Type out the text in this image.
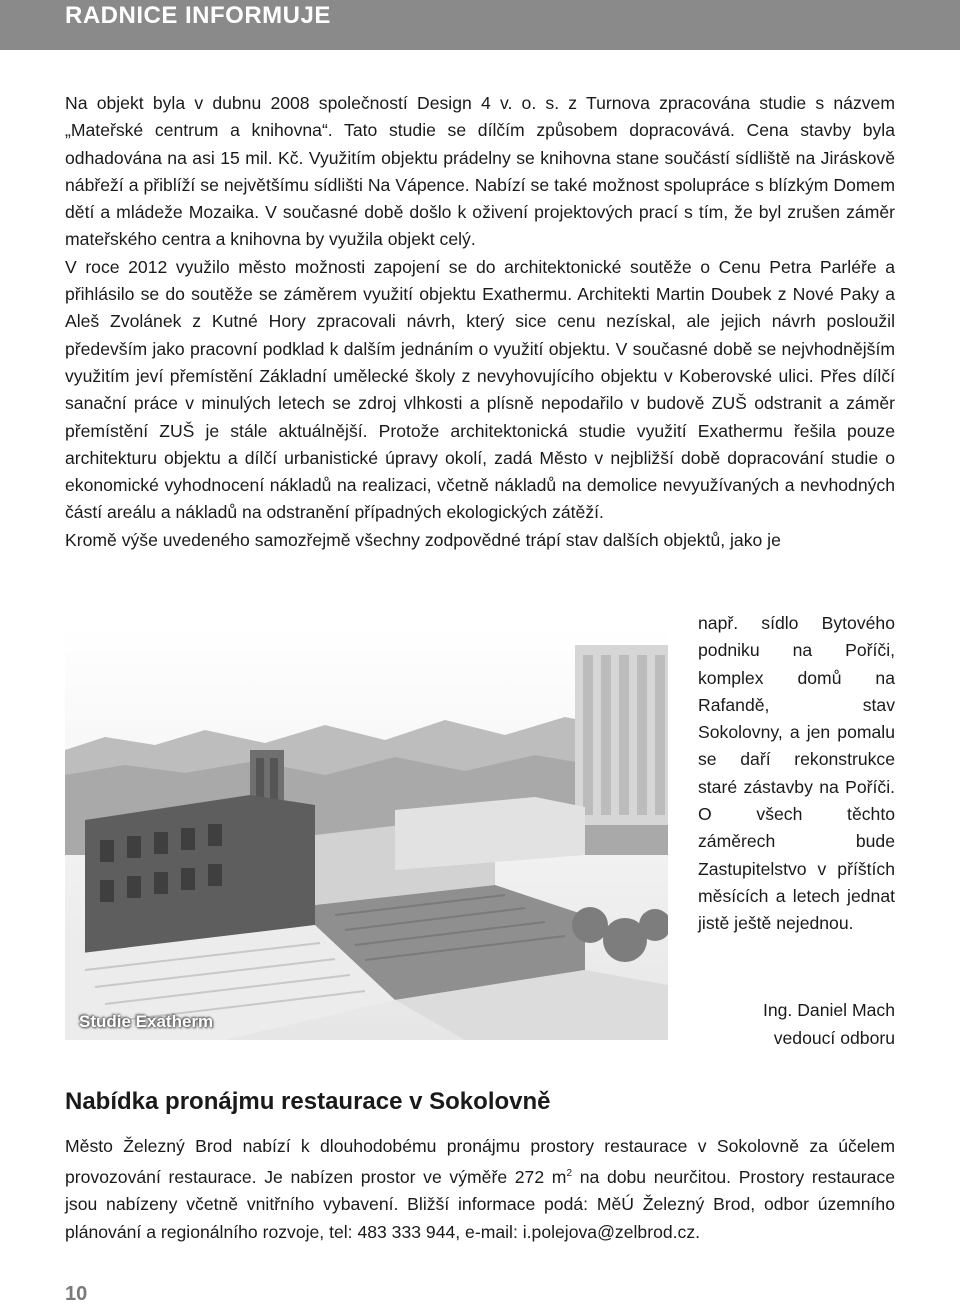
RADNICE INFORMUJE

Na objekt byla v dubnu 2008 společností Design 4 v. o. s. z Turnova zpracována studie s názvem „Mateřské centrum a knihovna“. Tato studie se dílčím způsobem dopracovává. Cena stavby byla odhadována na asi 15 mil. Kč. Využitím objektu prádelny se knihovna stane součástí sídliště na Jiráskově nábřeží a přiblíží se největšímu sídlišti Na Vápence. Nabízí se také možnost spolupráce s blízkým Domem dětí a mládeže Mozaika. V současné době došlo k oživení projektových prací s tím, že byl zrušen záměr mateřského centra a knihovna by využila objekt celý.

V roce 2012 využilo město možnosti zapojení se do architektonické soutěže o Cenu Petra Parléře a přihlásilo se do soutěže se záměrem využití objektu Exathermu. Architekti Martin Doubek z Nové Paky a Aleš Zvolánek z Kutné Hory zpracovali návrh, který sice cenu nezískal, ale jejich návrh posloužil především jako pracovní podklad k dalším jednáním o využití objektu. V současné době se nejvhodnějším využitím jeví přemístění Základní umělecké školy z nevyhovujícího objektu v Koberovské ulici. Přes dílčí sanační práce v minulých letech se zdroj vlhkosti a plísně nepodařilo v budově ZUŠ odstranit a záměr přemístění ZUŠ je stále aktuálnější. Protože architektonická studie využití Exathermu řešila pouze architekturu objektu a dílčí urbanistické úpravy okolí, zadá Město v nejbližší době dopracování studie o ekonomické vyhodnocení nákladů na realizaci, včetně nákladů na demolice nevyužívaných a nevhodných částí areálu a nákladů na odstranění případných ekologických zátěží.

Kromě výše uvedeného samozřejmě všechny zodpovědné trápí stav dalších objektů, jako je

např. sídlo Bytového podniku na Poříči, komplex domů na Rafandě, stav Sokolovny, a jen pomalu se daří rekonstrukce staré zástavby na Poříči. O všech těchto záměrech bude Zastupitelstvo v příštích měsících a letech jednat jistě ještě nejednou.

Studie Exatherm
Ing. Daniel Mach
vedoucí odboru
Nabídka pronájmu restaurace v Sokolovně

Město Železný Brod nabízí k dlouhodobému pronájmu prostory restaurace v Sokolovně za účelem provozování restaurace. Je nabízen prostor ve výměře 272 $m^2$ na dobu neurčitou. Prostory restaurace jsou nabízeny včetně vnitřního vybavení. Bližší informace podá: MěÚ Železný Brod, odbor územního plánování a regionálního rozvoje, tel: 483 333 944, e-mail: i.polejova@zelbrod.cz.

10
